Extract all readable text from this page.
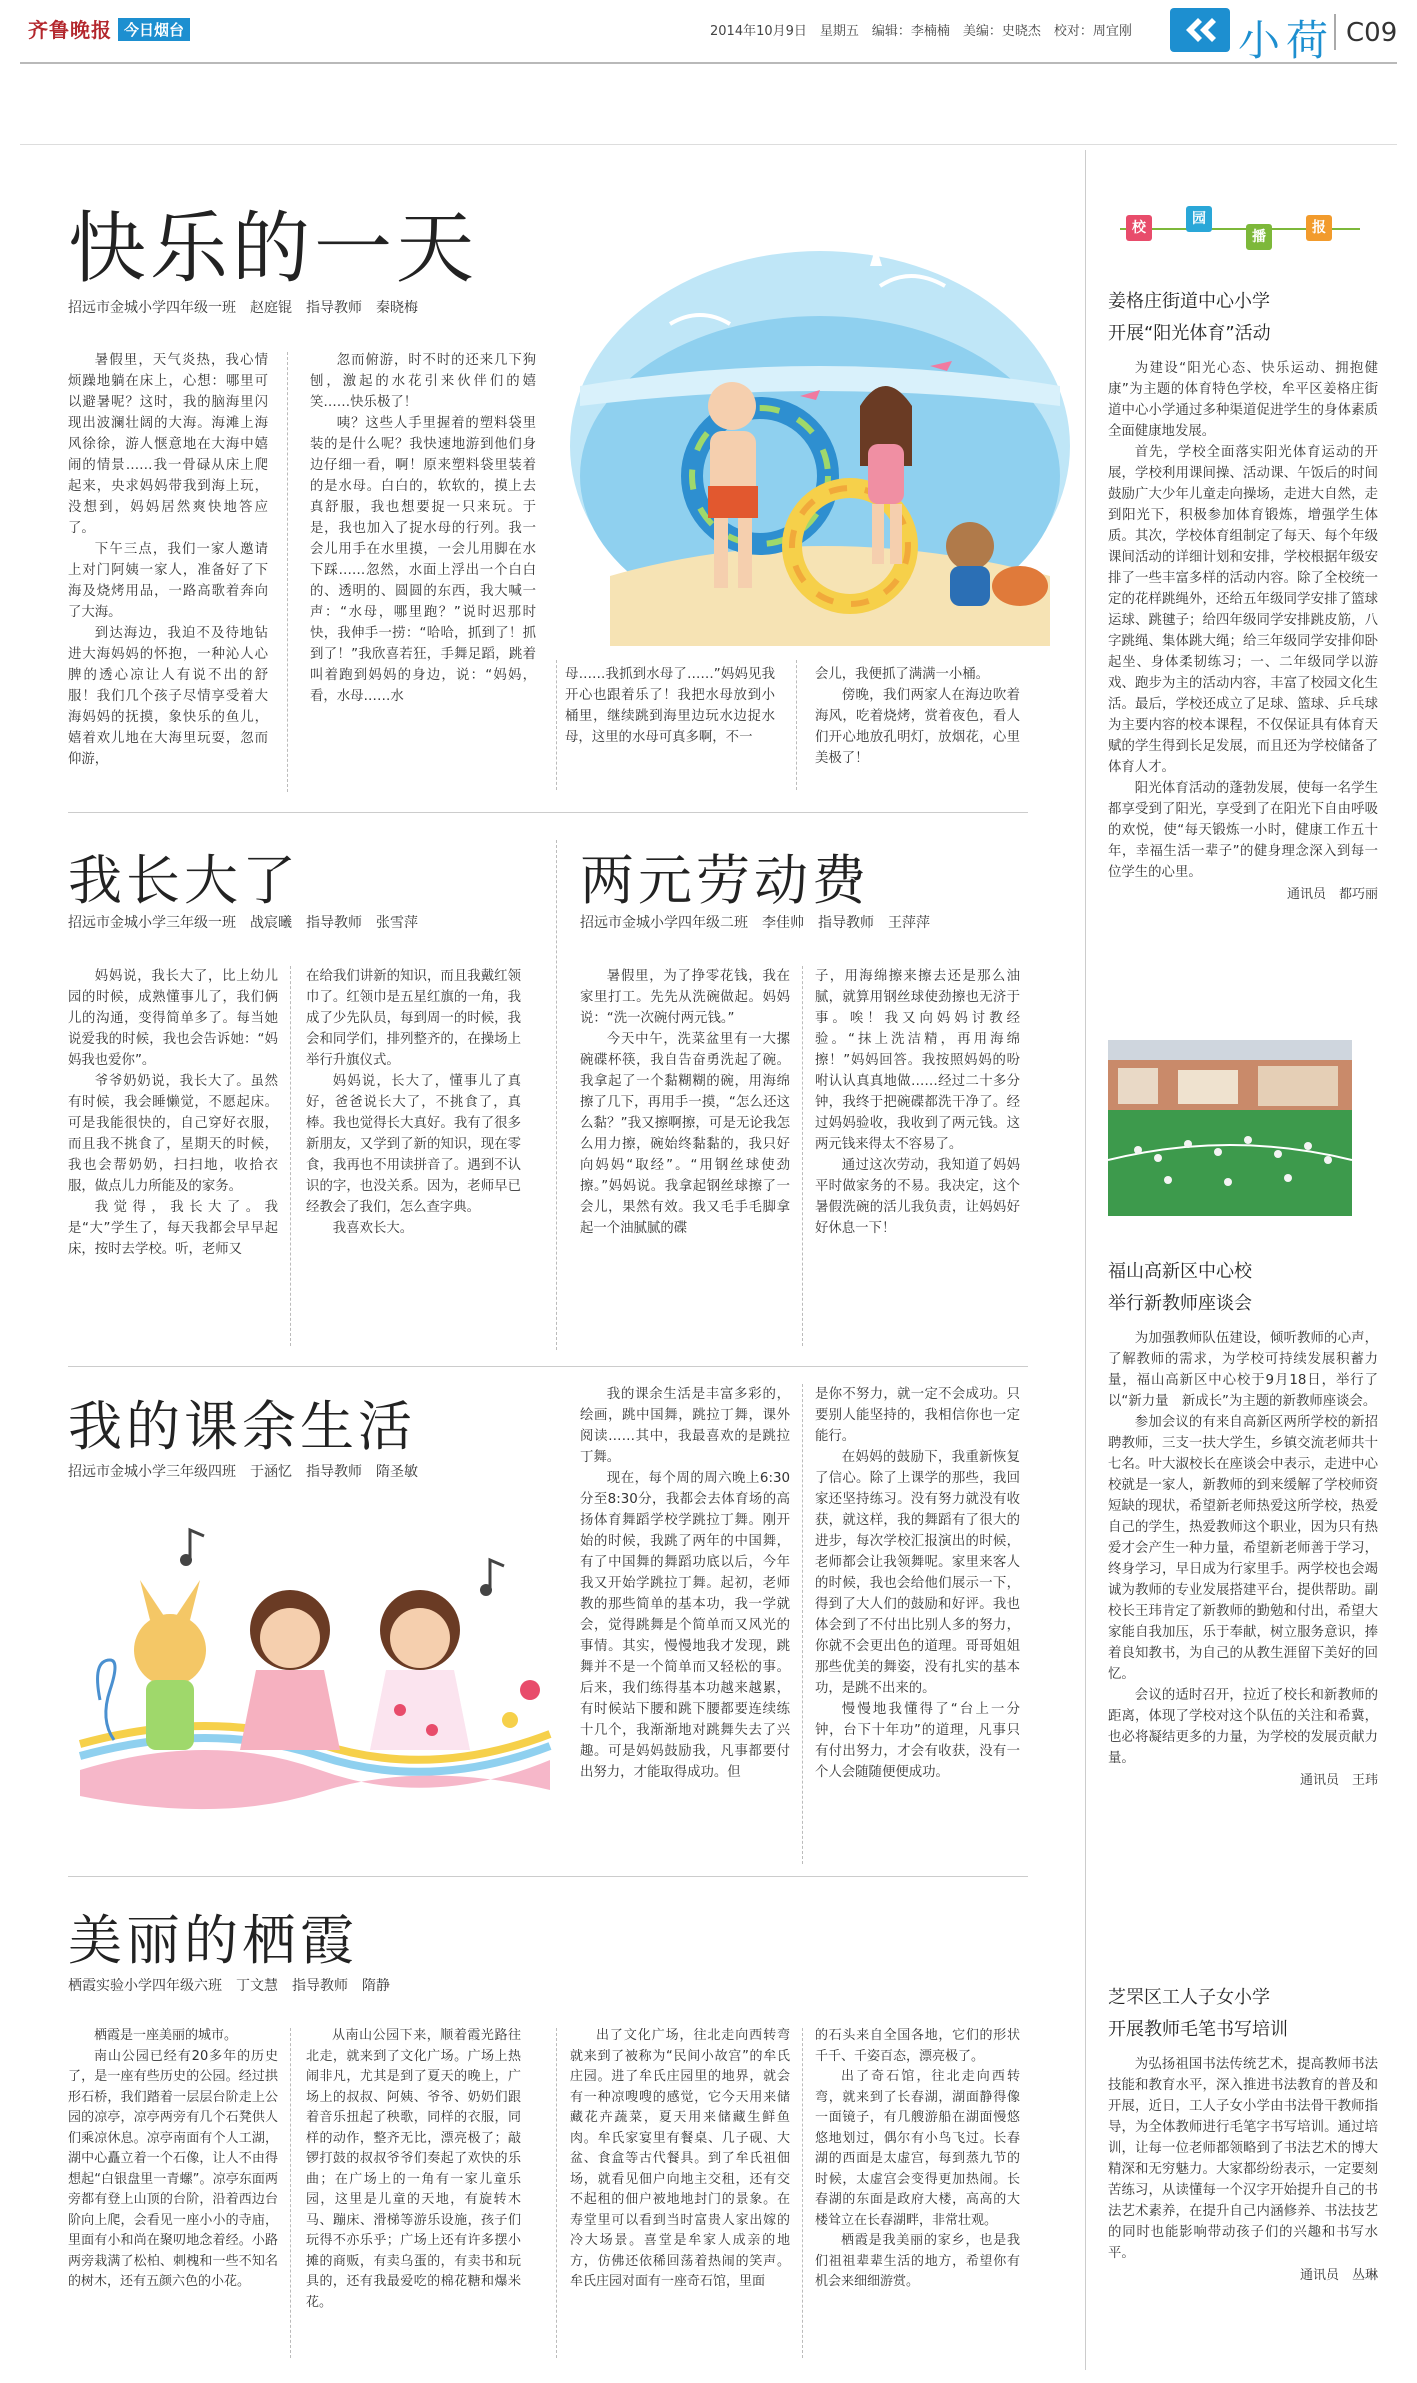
齐鲁晚报 今日烟台	2014年10月9日　星期五　编辑：李楠楠　美编：史晓杰　校对：周宜刚	小荷 C09
快乐的一天
招远市金城小学四年级一班　赵庭锟　指导教师　秦晓梅

暑假里，天气炎热，我心情烦躁地躺在床上，心想：哪里可以避暑呢？这时，我的脑海里闪现出波澜壮阔的大海。海滩上海风徐徐，游人惬意地在大海中嬉闹的情景……我一骨碌从床上爬起来，央求妈妈带我到海上玩，没想到，妈妈居然爽快地答应了。

下午三点，我们一家人邀请上对门阿姨一家人，准备好了下海及烧烤用品，一路高歌着奔向了大海。

到达海边，我迫不及待地钻进大海妈妈的怀抱，一种沁人心脾的透心凉让人有说不出的舒服！我们几个孩子尽情享受着大海妈妈的抚摸，象快乐的鱼儿，嬉着欢儿地在大海里玩耍，忽而仰游，

忽而俯游，时不时的还来几下狗刨，激起的水花引来伙伴们的嬉笑……快乐极了！

咦？这些人手里握着的塑料袋里装的是什么呢？我快速地游到他们身边仔细一看，啊！原来塑料袋里装着的是水母。白白的，软软的，摸上去真舒服，我也想要捉一只来玩。于是，我也加入了捉水母的行列。我一会儿用手在水里摸，一会儿用脚在水下踩……忽然，水面上浮出一个白白的、透明的、圆圆的东西，我大喊一声：“水母，哪里跑？”说时迟那时快，我伸手一捞：“哈哈，抓到了！抓到了！”我欣喜若狂，手舞足蹈，跳着叫着跑到妈妈的身边，说：“妈妈，看，水母……水

母……我抓到水母了……”妈妈见我开心也跟着乐了！我把水母放到小桶里，继续跳到海里边玩水边捉水母，这里的水母可真多啊，不一

会儿，我便抓了满满一小桶。

傍晚，我们两家人在海边吹着海风，吃着烧烤，赏着夜色，看人们开心地放孔明灯，放烟花，心里美极了！

我长大了
招远市金城小学三年级一班　战宸曦　指导教师　张雪萍

妈妈说，我长大了，比上幼儿园的时候，成熟懂事儿了，我们俩儿的沟通，变得简单多了。每当她说爱我的时候，我也会告诉她：“妈妈我也爱你”。

爷爷奶奶说，我长大了。虽然有时候，我会睡懒觉，不愿起床。可是我能很快的，自己穿好衣服，而且我不挑食了，星期天的时候，我也会帮奶奶，扫扫地，收拾衣服，做点儿力所能及的家务。

我觉得，我长大了。我是“大”学生了，每天我都会早早起床，按时去学校。听，老师又

在给我们讲新的知识，而且我戴红领巾了。红领巾是五星红旗的一角，我成了少先队员，每到周一的时候，我会和同学们，排列整齐的，在操场上举行升旗仪式。

妈妈说，长大了，懂事儿了真好，爸爸说长大了，不挑食了，真棒。我也觉得长大真好。我有了很多新朋友，又学到了新的知识，现在零食，我再也不用读拼音了。遇到不认识的字，也没关系。因为，老师早已经教会了我们，怎么查字典。

我喜欢长大。

两元劳动费
招远市金城小学四年级二班　李佳帅　指导教师　王萍萍

暑假里，为了挣零花钱，我在家里打工。先先从洗碗做起。妈妈说：“洗一次碗付两元钱。”

今天中午，洗菜盆里有一大摞碗碟杯筷，我自告奋勇洗起了碗。我拿起了一个黏糊糊的碗，用海绵擦了几下，再用手一摸，“怎么还这么黏？”我又擦啊擦，可是无论我怎么用力擦，碗始终黏黏的，我只好向妈妈“取经”。“用钢丝球使劲擦。”妈妈说。我拿起钢丝球擦了一会儿，果然有效。我又毛手毛脚拿起一个油腻腻的碟

子，用海绵擦来擦去还是那么油腻，就算用钢丝球使劲擦也无济于事。唉！我又向妈妈讨教经验。“抹上洗洁精，再用海绵擦！”妈妈回答。我按照妈妈的吩咐认认真真地做……经过二十多分钟，我终于把碗碟都洗干净了。经过妈妈验收，我收到了两元钱。这两元钱来得太不容易了。

通过这次劳动，我知道了妈妈平时做家务的不易。我决定，这个暑假洗碗的活儿我负责，让妈妈好好休息一下！

我的课余生活
招远市金城小学三年级四班　于涵忆　指导教师　隋圣敏

我的课余生活是丰富多彩的，绘画，跳中国舞，跳拉丁舞，课外阅读……其中，我最喜欢的是跳拉丁舞。

现在，每个周的周六晚上6:30分至8:30分，我都会去体育场的高扬体育舞蹈学校学跳拉丁舞。刚开始的时候，我跳了两年的中国舞，有了中国舞的舞蹈功底以后，今年我又开始学跳拉丁舞。起初，老师教的那些简单的基本功，我一学就会，觉得跳舞是个简单而又风光的事情。其实，慢慢地我才发现，跳舞并不是一个简单而又轻松的事。后来，我们练得基本功越来越累，有时候站下腰和跳下腰都要连续练十几个，我渐渐地对跳舞失去了兴趣。可是妈妈鼓励我，凡事都要付出努力，才能取得成功。但

是你不努力，就一定不会成功。只要别人能坚持的，我相信你也一定能行。

在妈妈的鼓励下，我重新恢复了信心。除了上课学的那些，我回家还坚持练习。没有努力就没有收获，就这样，我的舞蹈有了很大的进步，每次学校汇报演出的时候，老师都会让我领舞呢。家里来客人的时候，我也会给他们展示一下，得到了大人们的鼓励和好评。我也体会到了不付出比别人多的努力，你就不会更出色的道理。哥哥姐姐那些优美的舞姿，没有扎实的基本功，是跳不出来的。

慢慢地我懂得了“台上一分钟，台下十年功”的道理，凡事只有付出努力，才会有收获，没有一个人会随随便便成功。

美丽的栖霞
栖霞实验小学四年级六班　丁文慧　指导教师　隋静

栖霞是一座美丽的城市。

南山公园已经有20多年的历史了，是一座有些历史的公园。经过拱形石桥，我们踏着一层层台阶走上公园的凉亭，凉亭两旁有几个石凳供人们乘凉休息。凉亭南面有个人工湖，湖中心矗立着一个石像，让人不由得想起“白银盘里一青螺”。凉亭东面两旁都有登上山顶的台阶，沿着西边台阶向上爬，会看见一座小小的寺庙，里面有小和尚在聚叨地念着经。小路两旁栽满了松柏、刺槐和一些不知名的树木，还有五颜六色的小花。

从南山公园下来，顺着霞光路往北走，就来到了文化广场。广场上热闹非凡，尤其是到了夏天的晚上，广场上的叔叔、阿姨、爷爷、奶奶们跟着音乐扭起了秧歌，同样的衣服，同样的动作，整齐无比，漂亮极了；敲锣打鼓的叔叔爷爷们奏起了欢快的乐曲；在广场上的一角有一家儿童乐园，这里是儿童的天地，有旋转木马、蹦床、滑梯等游乐设施，孩子们玩得不亦乐乎；广场上还有许多摆小摊的商贩，有卖乌蛋的，有卖书和玩具的，还有我最爱吃的棉花糖和爆米花。

出了文化广场，往北走向西转弯就来到了被称为“民间小故宫”的牟氏庄园。进了牟氏庄园里的地界，就会有一种凉嗖嗖的感觉，它今天用来储藏花卉蔬菜，夏天用来储藏生鲜鱼肉。牟氏家宴里有餐桌、几子砚、大盆、食盒等古代餐具。到了牟氏祖佃场，就看见佃户向地主交租，还有交不起租的佃户被地地封门的景象。在寿堂里可以看到当时富贵人家出嫁的冷大场景。喜堂是牟家人成亲的地方，仿佛还依稀回荡着热闹的笑声。牟氏庄园对面有一座奇石馆，里面

的石头来自全国各地，它们的形状千千、千姿百态，漂亮极了。

出了奇石馆，往北走向西转弯，就来到了长春湖，湖面静得像一面镜子，有几艘游船在湖面慢悠悠地划过，偶尔有小鸟飞过。长春湖的西面是太虚宫，每到蒸九节的时候，太虚宫会变得更加热闹。长春湖的东面是政府大楼，高高的大楼耸立在长春湖畔，非常壮观。

栖霞是我美丽的家乡，也是我们祖祖辈辈生活的地方，希望你有机会来细细游赏。

校
园
播
报
姜格庄街道中心小学
开展“阳光体育”活动

为建设“阳光心态、快乐运动、拥抱健康”为主题的体育特色学校，牟平区姜格庄街道中心小学通过多种渠道促进学生的身体素质全面健康地发展。

首先，学校全面落实阳光体育运动的开展，学校利用课间操、活动课、午饭后的时间鼓励广大少年儿童走向操场，走进大自然，走到阳光下，积极参加体育锻炼，增强学生体质。其次，学校体育组制定了每天、每个年级课间活动的详细计划和安排，学校根据年级安排了一些丰富多样的活动内容。除了全校统一定的花样跳绳外，还给五年级同学安排了篮球运球、跳毽子；给四年级同学安排跳皮筋，八字跳绳、集体跳大绳；给三年级同学安排仰卧起坐、身体柔韧练习；一、二年级同学以游戏、跑步为主的活动内容，丰富了校园文化生活。最后，学校还成立了足球、篮球、乒乓球为主要内容的校本课程，不仅保证具有体育天赋的学生得到长足发展，而且还为学校储备了体育人才。

阳光体育活动的蓬勃发展，使每一名学生都享受到了阳光，享受到了在阳光下自由呼吸的欢悦，使“每天锻炼一小时，健康工作五十年，幸福生活一辈子”的健身理念深入到每一位学生的心里。

通讯员　都巧丽
福山高新区中心校
举行新教师座谈会

为加强教师队伍建设，倾听教师的心声，了解教师的需求，为学校可持续发展积蓄力量，福山高新区中心校于9月18日，举行了以“新力量　新成长”为主题的新教师座谈会。

参加会议的有来自高新区两所学校的新招聘教师，三支一扶大学生，乡镇交流老师共十七名。叶大淑校长在座谈会中表示，走进中心校就是一家人，新教师的到来缓解了学校师资短缺的现状，希望新老师热爱这所学校，热爱自己的学生，热爱教师这个职业，因为只有热爱才会产生一种力量，希望新老师善于学习，终身学习，早日成为行家里手。两学校也会竭诚为教师的专业发展搭建平台，提供帮助。副校长王玮肯定了新教师的勤勉和付出，希望大家能自我加压，乐于奉献，树立服务意识，捧着良知教书，为自己的从教生涯留下美好的回忆。

会议的适时召开，拉近了校长和新教师的距离，体现了学校对这个队伍的关注和希冀，也必将凝结更多的力量，为学校的发展贡献力量。

通讯员　王玮
芝罘区工人子女小学
开展教师毛笔书写培训

为弘扬祖国书法传统艺术，提高教师书法技能和教育水平，深入推进书法教育的普及和开展，近日，工人子女小学由书法骨干教师指导，为全体教师进行毛笔字书写培训。通过培训，让每一位老师都领略到了书法艺术的博大精深和无穷魅力。大家都纷纷表示，一定要刻苦练习，从读懂每一个汉字开始提升自己的书法艺术素养，在提升自己内涵修养、书法技艺的同时也能影响带动孩子们的兴趣和书写水平。

通讯员　丛琳
